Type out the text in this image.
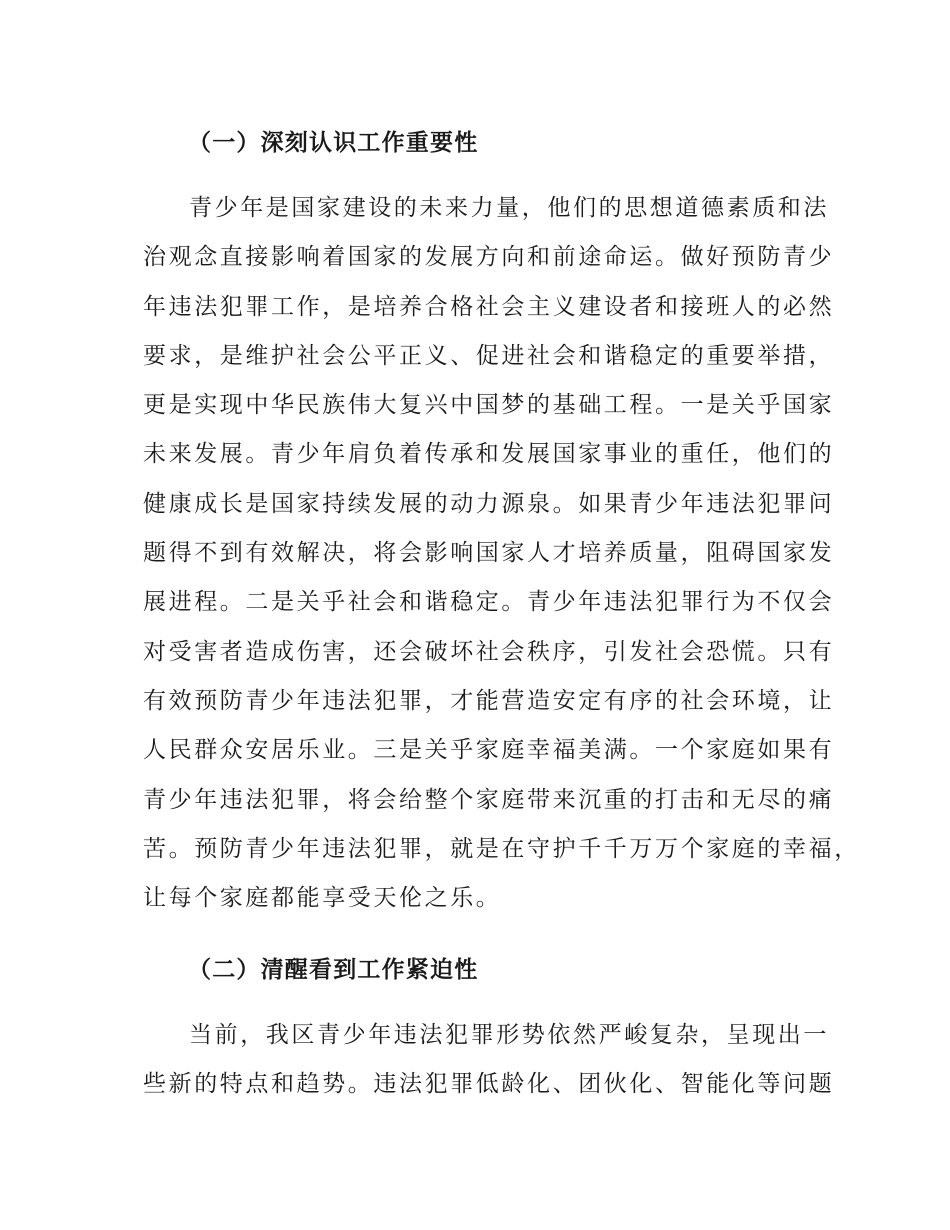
（一）深刻认识工作重要性
青少年是国家建设的未来力量，他们的思想道德素质和法
治观念直接影响着国家的发展方向和前途命运。做好预防青少
年违法犯罪工作，是培养合格社会主义建设者和接班人的必然
要求，是维护社会公平正义、促进社会和谐稳定的重要举措，
更是实现中华民族伟大复兴中国梦的基础工程。一是关乎国家
未来发展。青少年肩负着传承和发展国家事业的重任，他们的
健康成长是国家持续发展的动力源泉。如果青少年违法犯罪问
题得不到有效解决，将会影响国家人才培养质量，阻碍国家发
展进程。二是关乎社会和谐稳定。青少年违法犯罪行为不仅会
对受害者造成伤害，还会破坏社会秩序，引发社会恐慌。只有
有效预防青少年违法犯罪，才能营造安定有序的社会环境，让
人民群众安居乐业。三是关乎家庭幸福美满。一个家庭如果有
青少年违法犯罪，将会给整个家庭带来沉重的打击和无尽的痛
苦。预防青少年违法犯罪，就是在守护千千万万个家庭的幸福，
让每个家庭都能享受天伦之乐。
（二）清醒看到工作紧迫性
当前，我区青少年违法犯罪形势依然严峻复杂，呈现出一
些新的特点和趋势。违法犯罪低龄化、团伙化、智能化等问题
